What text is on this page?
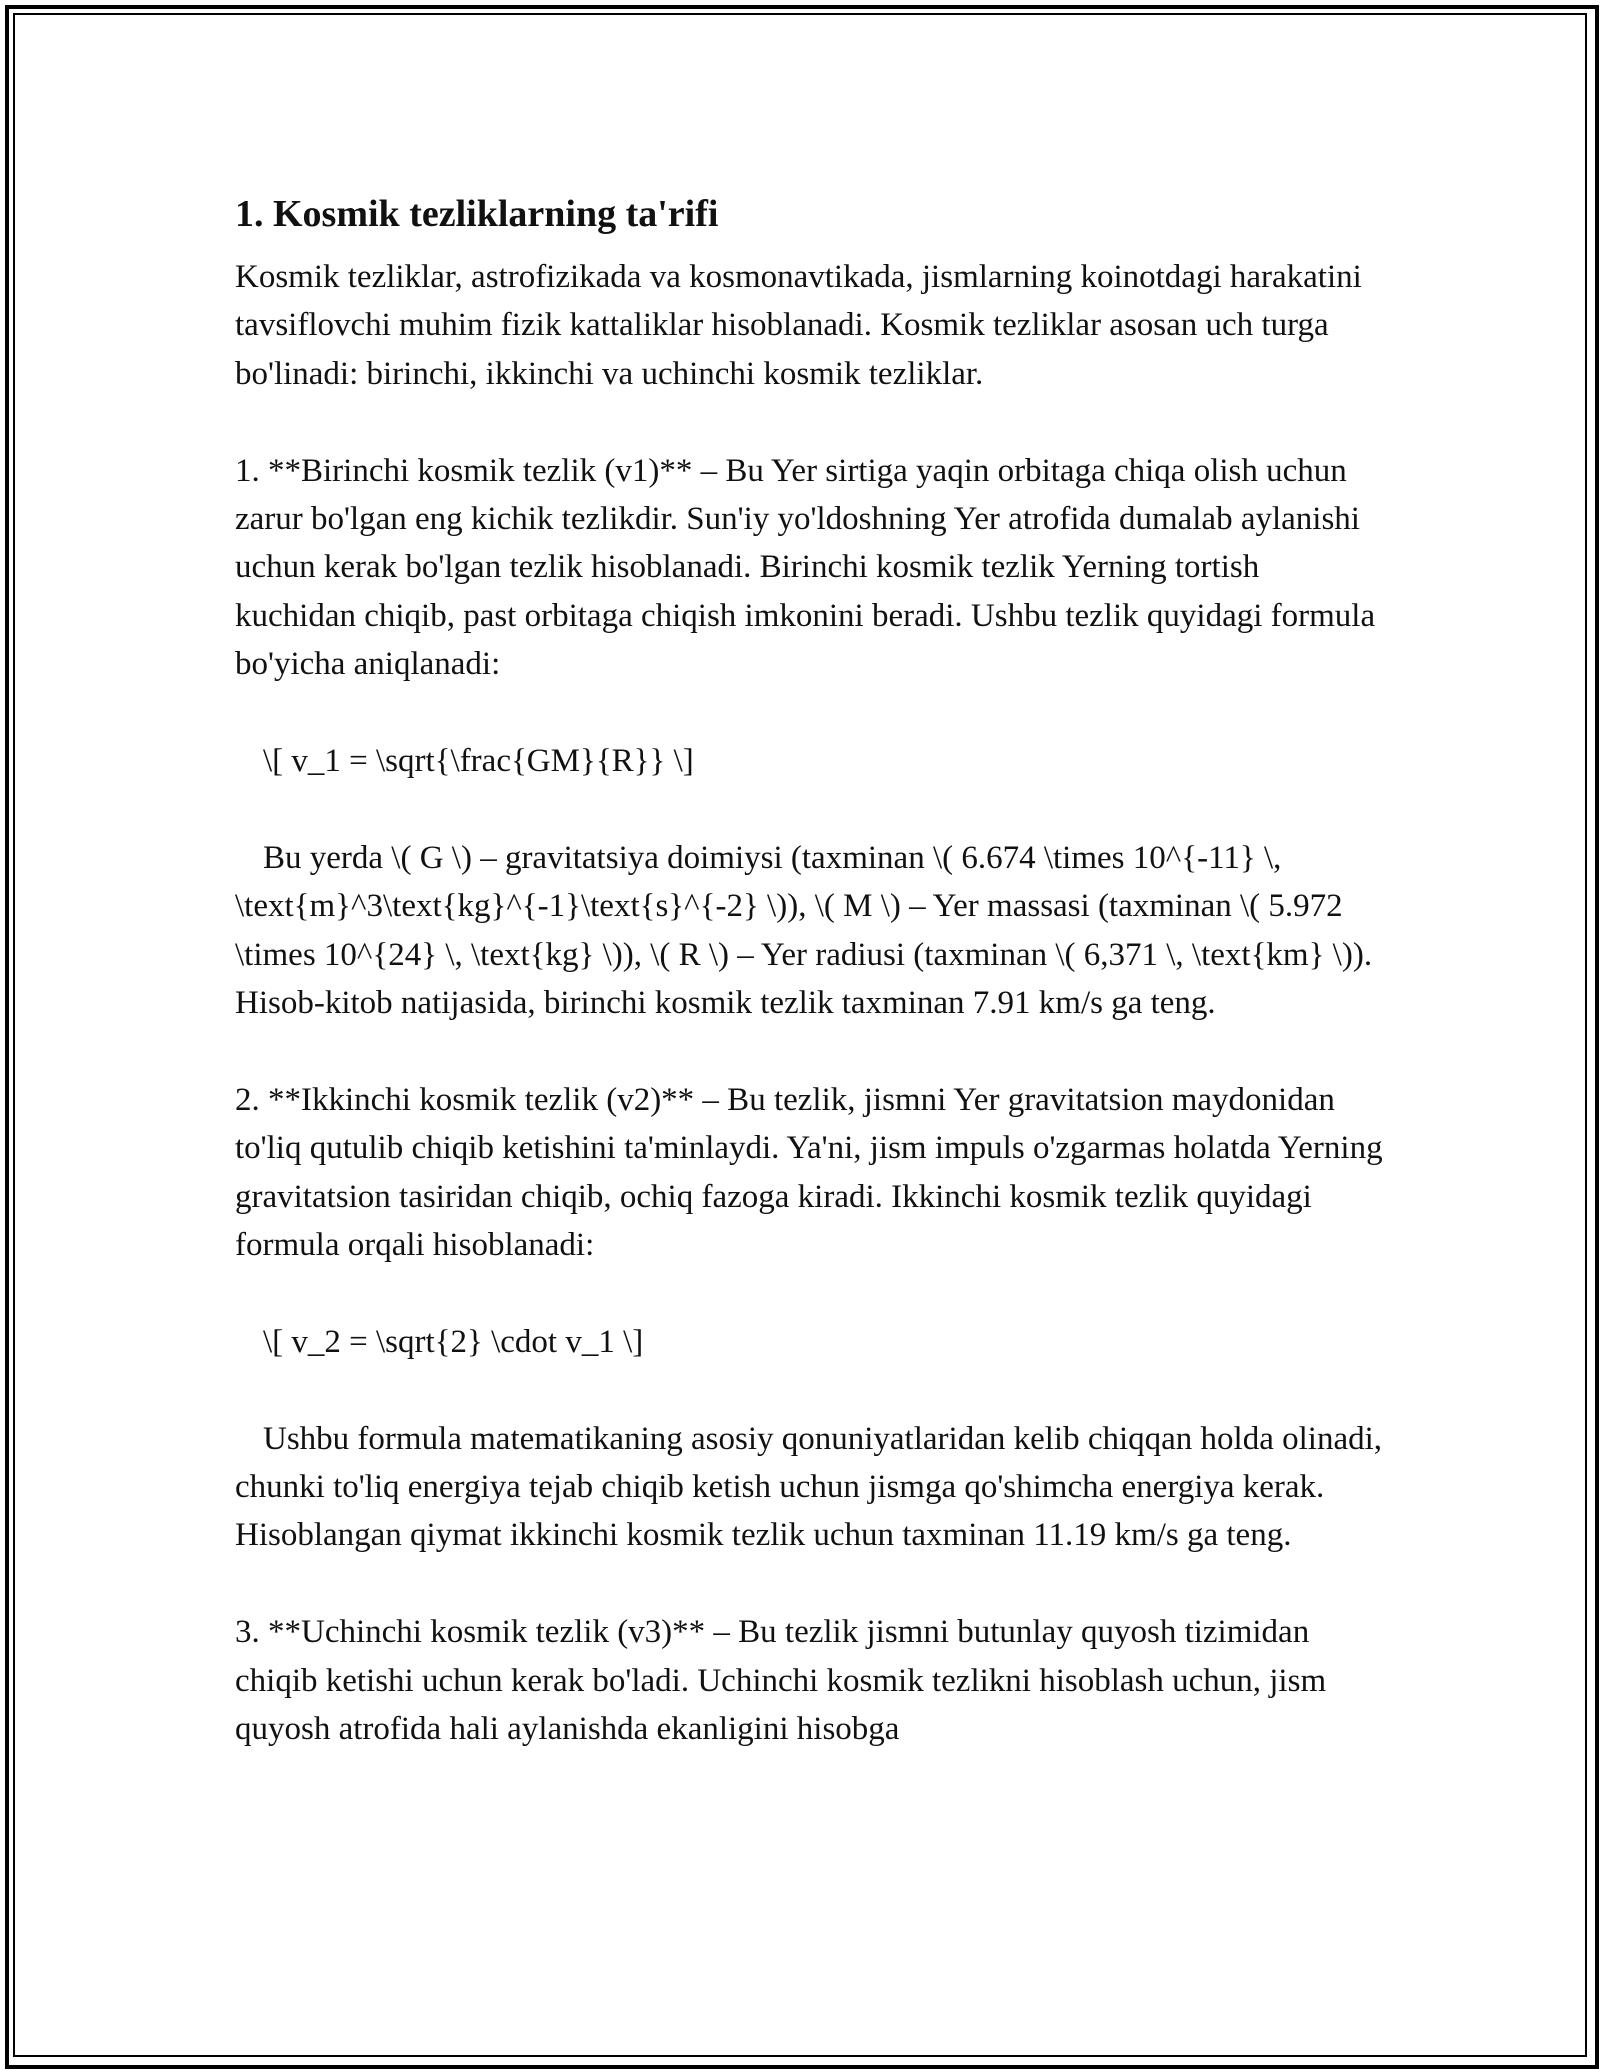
1. Kosmik tezliklarning ta'rifi

Kosmik tezliklar, astrofizikada va kosmonavtikada, jismlarning koinotdagi harakatini tavsiflovchi muhim fizik kattaliklar hisoblanadi. Kosmik tezliklar asosan uch turga bo'linadi: birinchi, ikkinchi va uchinchi kosmik tezliklar.

1. **Birinchi kosmik tezlik (v1)** – Bu Yer sirtiga yaqin orbitaga chiqa olish uchun zarur bo'lgan eng kichik tezlikdir. Sun'iy yo'ldoshning Yer atrofida dumalab aylanishi uchun kerak bo'lgan tezlik hisoblanadi. Birinchi kosmik tezlik Yerning tortish kuchidan chiqib, past orbitaga chiqish imkonini beradi. Ushbu tezlik quyidagi formula bo'yicha aniqlanadi:

\[ v_1 = \sqrt{\frac{GM}{R}} \]

Bu yerda \( G \) – gravitatsiya doimiysi (taxminan \( 6.674 \times 10^{-11} \, \text{m}^3\text{kg}^{-1}\text{s}^{-2} \)), \( M \) – Yer massasi (taxminan \( 5.972 \times 10^{24} \, \text{kg} \)), \( R \) – Yer radiusi (taxminan \( 6,371 \, \text{km} \)). Hisob-kitob natijasida, birinchi kosmik tezlik taxminan 7.91 km/s ga teng.

2. **Ikkinchi kosmik tezlik (v2)** – Bu tezlik, jismni Yer gravitatsion maydonidan to'liq qutulib chiqib ketishini ta'minlaydi. Ya'ni, jism impuls o'zgarmas holatda Yerning gravitatsion tasiridan chiqib, ochiq fazoga kiradi. Ikkinchi kosmik tezlik quyidagi formula orqali hisoblanadi:

\[ v_2 = \sqrt{2} \cdot v_1 \]

Ushbu formula matematikaning asosiy qonuniyatlaridan kelib chiqqan holda olinadi, chunki to'liq energiya tejab chiqib ketish uchun jismga qo'shimcha energiya kerak. Hisoblangan qiymat ikkinchi kosmik tezlik uchun taxminan 11.19 km/s ga teng.

3. **Uchinchi kosmik tezlik (v3)** – Bu tezlik jismni butunlay quyosh tizimidan chiqib ketishi uchun kerak bo'ladi. Uchinchi kosmik tezlikni hisoblash uchun, jism quyosh atrofida hali aylanishda ekanligini hisobga
